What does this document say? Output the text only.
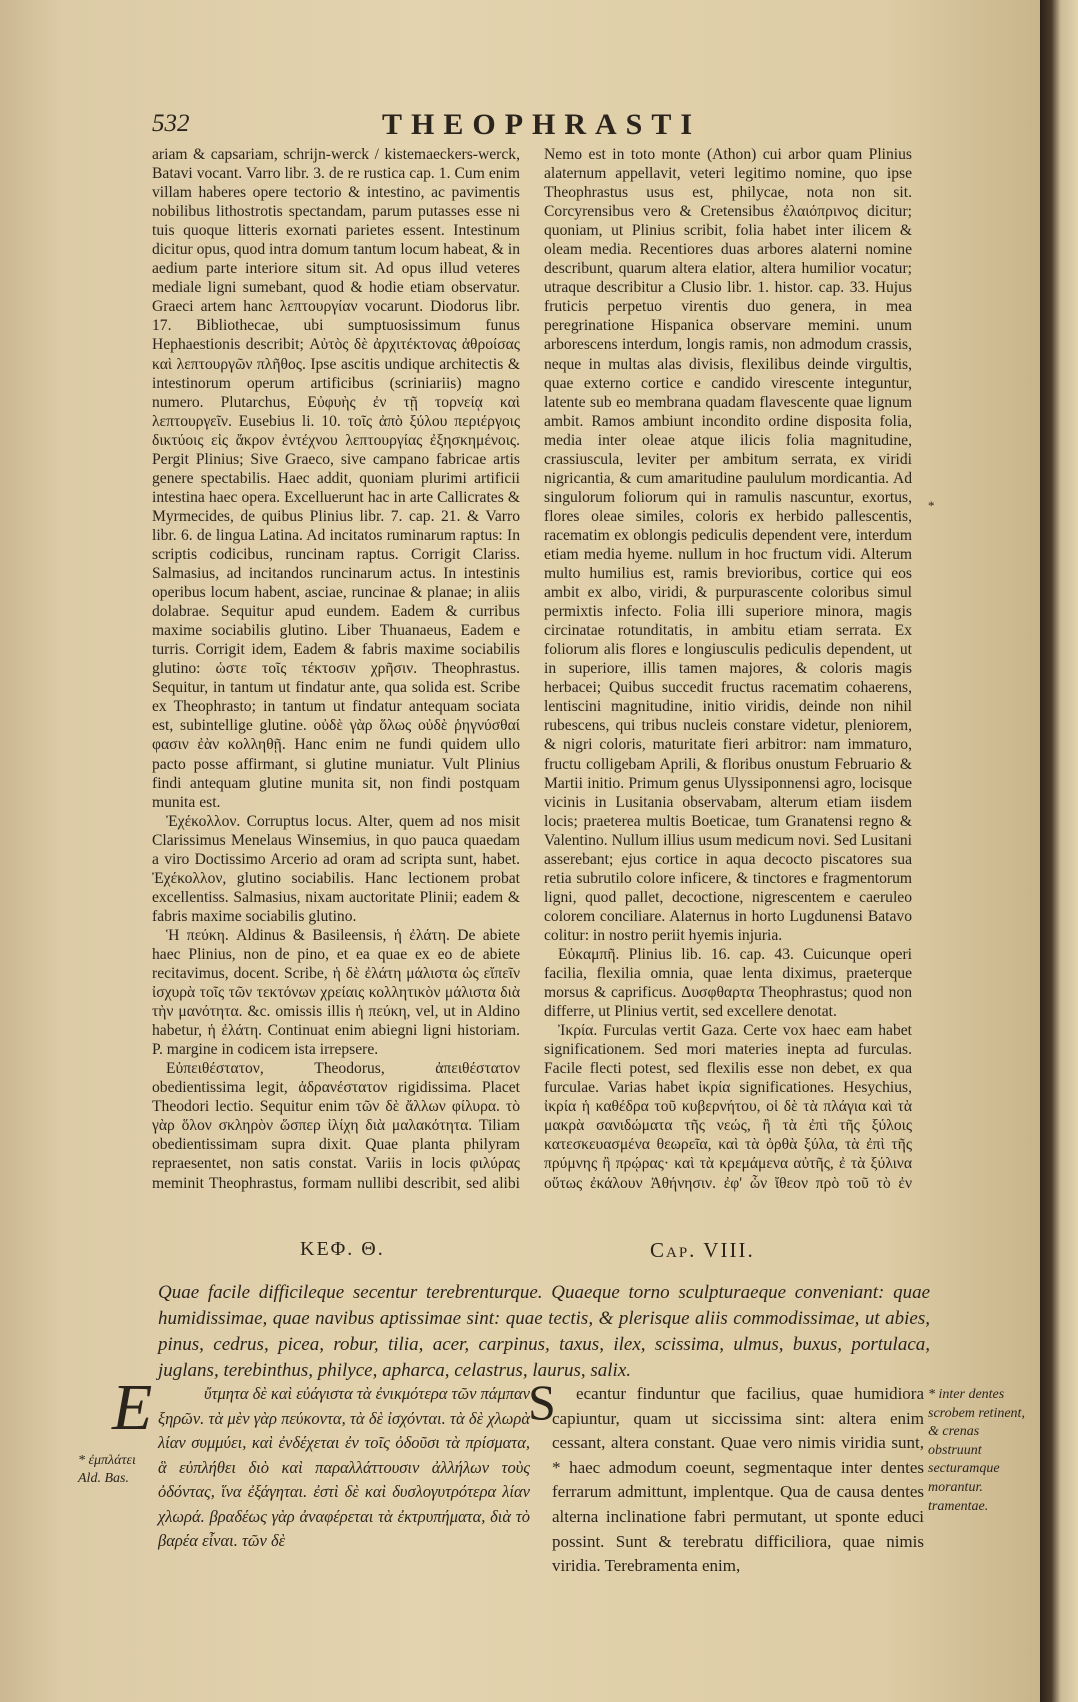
532	THEOPHRASTI

ariam & capsariam, schrijn-werck / kistemaeckers-werck, Batavi vocant. Varro libr. 3. de re rustica cap. 1. Cum enim villam haberes opere tectorio & intestino, ac pavimentis nobilibus lithostrotis spectandam, parum putasses esse ni tuis quoque litteris exornati parietes essent. Intestinum dicitur opus, quod intra domum tantum locum habeat, & in aedium parte interiore situm sit. Ad opus illud veteres mediale ligni sumebant, quod & hodie etiam observatur. Graeci artem hanc λεπτουργίαν vocarunt. Diodorus libr. 17. Bibliothecae, ubi sumptuosissimum funus Hephaestionis describit; Αὐτὸς δὲ ἀρχιτέκτονας ἀθροίσας καὶ λεπτουργῶν πλῆθος. Ipse ascitis undique architectis & intestinorum operum artificibus (scriniariis) magno numero. Plutarchus, Εὐφυὴς ἐν τῇ τορνείᾳ καὶ λεπτουργεῖν. Eusebius li. 10. τοῖς ἀπὸ ξύλου περιέργοις δικτύοις εἰς ἄκρον ἐντέχνου λεπτουργίας ἐξησκημένοις. Pergit Plinius; Sive Graeco, sive campano fabricae artis genere spectabilis. Haec addit, quoniam plurimi artificii intestina haec opera. Excelluerunt hac in arte Callicrates & Myrmecides, de quibus Plinius libr. 7. cap. 21. & Varro libr. 6. de lingua Latina. Ad incitatos ruminarum raptus: In scriptis codicibus, runcinam raptus. Corrigit Clariss. Salmasius, ad incitandos runcinarum actus. In intestinis operibus locum habent, asciae, runcinae & planae; in aliis dolabrae. Sequitur apud eundem. Eadem & curribus maxime sociabilis glutino. Liber Thuanaeus, Eadem e turris. Corrigit idem, Eadem & fabris maxime sociabilis glutino: ὡστε τοῖς τέκτοσιν χρῆσιν. Theophrastus. Sequitur, in tantum ut findatur ante, qua solida est. Scribe ex Theophrasto; in tantum ut findatur antequam sociata est, subintellige glutine. οὐδὲ γὰρ ὅλως οὐδὲ ῥηγνύσθαί φασιν ἐὰν κολληθῇ. Hanc enim ne fundi quidem ullo pacto posse affirmant, si glutine muniatur. Vult Plinius findi antequam glutine munita sit, non findi postquam munita est.

Ἐχέκολλον. Corruptus locus. Alter, quem ad nos misit Clarissimus Menelaus Winsemius, in quo pauca quaedam a viro Doctissimo Arcerio ad oram ad scripta sunt, habet. Ἐχέκολλον, glutino sociabilis. Hanc lectionem probat excellentiss. Salmasius, nixam auctoritate Plinii; eadem & fabris maxime sociabilis glutino.

Ἡ πεύκη. Aldinus & Basileensis, ἡ ἐλάτη. De abiete haec Plinius, non de pino, et ea quae ex eo de abiete recitavimus, docent. Scribe, ἡ δὲ ἐλάτη μάλιστα ὡς εἴπεῖν ἰσχυρὰ τοῖς τῶν τεκτόνων χρείαις κολλητικὸν μάλιστα διὰ τὴν μανότητα. &c. omissis illis ἡ πεύκη, vel, ut in Aldino habetur, ἡ ἐλάτη. Continuat enim abiegni ligni historiam. P. margine in codicem ista irrepsere.

Εὐπειθέστατον, Theodorus, ἀπειθέστατον obedientissima legit, ἀδρανέστατον rigidissima. Placet Theodori lectio. Sequitur enim τῶν δὲ ἄλλων φίλυρα. τὸ γὰρ ὅλον σκληρὸν ὥσπερ ἰλίχη διὰ μαλακότητα. Tiliam obedientissimam supra dixit. Quae planta philyram repraesentet, non satis constat. Variis in locis φιλύρας meminit Theophrastus, formam nullibi describit, sed alibi

Nemo est in toto monte (Athon) cui arbor quam Plinius alaternum appellavit, veteri legitimo nomine, quo ipse Theophrastus usus est, philycae, nota non sit. Corcyrensibus vero & Cretensibus ἐλαιόπρινος dicitur; quoniam, ut Plinius scribit, folia habet inter ilicem & oleam media. Recentiores duas arbores alaterni nomine describunt, quarum altera elatior, altera humilior vocatur; utraque describitur a Clusio libr. 1. histor. cap. 33. Hujus fruticis perpetuo virentis duo genera, in mea peregrinatione Hispanica observare memini. unum arborescens interdum, longis ramis, non admodum crassis, neque in multas alas divisis, flexilibus deinde virgultis, quae externo cortice e candido virescente integuntur, latente sub eo membrana quadam flavescente quae lignum ambit. Ramos ambiunt incondito ordine disposita folia, media inter oleae atque ilicis folia magnitudine, crassiuscula, leviter per ambitum serrata, ex viridi nigricantia, & cum amaritudine paululum mordicantia. Ad singulorum foliorum qui in ramulis nascuntur, exortus, flores oleae similes, coloris ex herbido pallescentis, racematim ex oblongis pediculis dependent vere, interdum etiam media hyeme. nullum in hoc fructum vidi. Alterum multo humilius est, ramis brevioribus, cortice qui eos ambit ex albo, viridi, & purpurascente coloribus simul permixtis infecto. Folia illi superiore minora, magis circinatae rotunditatis, in ambitu etiam serrata. Ex foliorum alis flores e longiusculis pediculis dependent, ut in superiore, illis tamen majores, & coloris magis herbacei; Quibus succedit fructus racematim cohaerens, lentiscini magnitudine, initio viridis, deinde non nihil rubescens, qui tribus nucleis constare videtur, pleniorem, & nigri coloris, maturitate fieri arbitror: nam immaturo, fructu colligebam Aprili, & floribus onustum Februario & Martii initio. Primum genus Ulyssiponnensi agro, locisque vicinis in Lusitania observabam, alterum etiam iisdem locis; praeterea multis Boeticae, tum Granatensi regno & Valentino. Nullum illius usum medicum novi. Sed Lusitani asserebant; ejus cortice in aqua decocto piscatores sua retia subrutilo colore inficere, & tinctores e fragmentorum ligni, quod pallet, decoctione, nigrescentem e caeruleo colorem conciliare. Alaternus in horto Lugdunensi Batavo colitur: in nostro periit hyemis injuria.

Εὐκαμπῆ. Plinius lib. 16. cap. 43. Cuicunque operi facilia, flexilia omnia, quae lenta diximus, praeterque morsus & caprificus. Δυσφθαρτα Theophrastus; quod non differre, ut Plinius vertit, sed excellere denotat.

Ἰκρία. Furculas vertit Gaza. Certe vox haec eam habet significationem. Sed mori materies inepta ad furculas. Facile flecti potest, sed flexilis esse non debet, ex qua furculae. Varias habet ἰκρία significationes. Hesychius, ἰκρία ἡ καθέδρα τοῦ κυβερνήτου, οἱ δὲ τὰ πλάγια καὶ τὰ μακρὰ σανιδώματα τῆς νεώς, ἢ τὰ ἐπὶ τῆς ξύλοις κατεσκευασμένα θεωρεῖα, καὶ τὰ ὀρθὰ ξύλα, τὰ ἐπὶ τῆς πρύμνης ἢ πρῴρας· καὶ τὰ κρεμάμενα αὐτῆς, ἐ τὰ ξύλινα οὕτως ἐκάλουν Ἀθήνησιν. ἐφ' ὧν ἴθεον πρὸ τοῦ τὸ ἐν

*
ΚΕΦ. Θ.	Cap. VIII.
Quae facile difficileque secentur terebrenturque. Quaeque torno sculpturaeque conveniant: quae humidissimae, quae navibus aptissimae sint: quae tectis, & plerisque aliis commodissimae, ut abies, pinus, cedrus, picea, robur, tilia, acer, carpinus, taxus, ilex, scissima, ulmus, buxus, portulaca, juglans, terebinthus, philyce, apharca, celastrus, laurus, salix.
E	ὔτμητα δὲ καὶ εὐάγιστα τὰ ἐνικμότερα τῶν πάμπαν ξηρῶν. τὰ μὲν γὰρ πεύκοντα, τὰ δὲ ἰσχόνται. τὰ δὲ χλωρὰ λίαν συμμύει, καὶ ἐνδέχεται ἐν τοῖς ὀδοῦσι τὰ πρίσματα, ἃ εὐπλήθει διὸ καὶ παραλλάττουσιν ἀλλήλων τοὺς ὀδόντας, ἵνα ἐξάγηται. ἐστὶ δὲ καὶ δυσλογυτρότερα λίαν χλωρά. βραδέως γὰρ ἀναφέρεται τὰ ἐκτρυπήματα, διὰ τὸ βαρέα εἶναι. τῶν δὲ
S ecantur finduntur que facilius, quae humidiora capiuntur, quam ut siccissima sint: altera enim cessant, altera constant. Quae vero nimis viridia sunt, * haec admodum coeunt, segmentaque inter dentes ferrarum admittunt, implentque. Qua de causa dentes alterna inclinatione fabri permutant, ut sponte educi possint. Sunt & terebratu difficiliora, quae nimis viridia. Terebramenta enim,
* ἐμπλάτει Ald. Bas.
* inter dentes scrobem retinent, & crenas obstruunt secturamque morantur. tramentae.
